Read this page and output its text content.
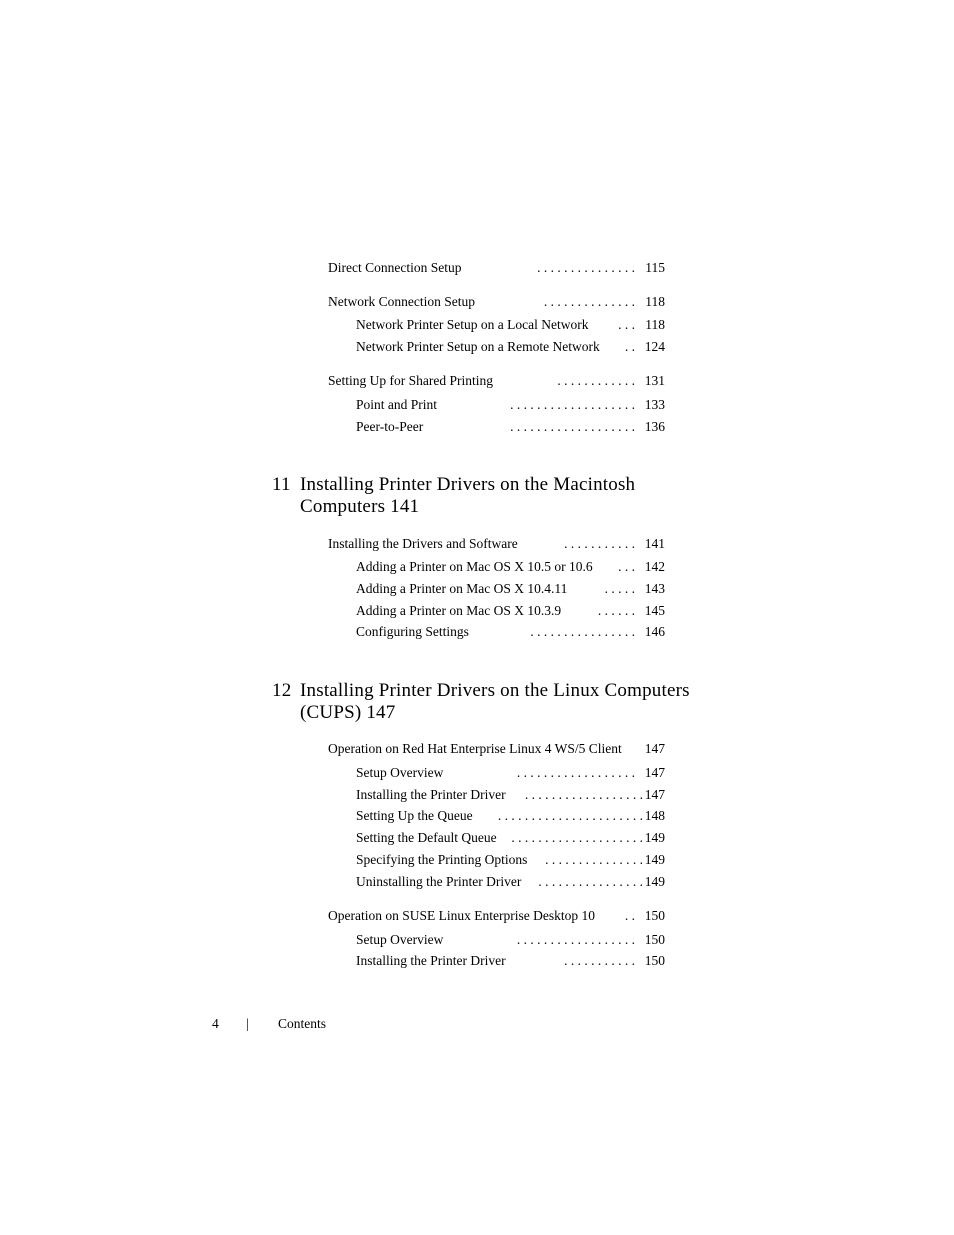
Direct Connection Setup	. . . . . . . . . . . . . . . 115
Network Connection Setup	. . . . . . . . . . . . . . 118
Network Printer Setup on a Local Network	. . . 118
Network Printer Setup on a Remote Network	. . 124
Setting Up for Shared Printing	. . . . . . . . . . . . 131
Point and Print	. . . . . . . . . . . . . . . . . . . 133
Peer-to-Peer	. . . . . . . . . . . . . . . . . . . 136
11 Installing Printer Drivers on the Macintosh
Computers 141
Installing the Drivers and Software	. . . . . . . . . . . 141
Adding a Printer on Mac OS X 10.5 or 10.6	. . . 142
Adding a Printer on Mac OS X 10.4.11	. . . . . 143
Adding a Printer on Mac OS X 10.3.9	. . . . . . 145
Configuring Settings	. . . . . . . . . . . . . . . . 146
12 Installing Printer Drivers on the Linux Computers
(CUPS) 147
Operation on Red Hat Enterprise Linux 4 WS/5 Client 147
Setup Overview	. . . . . . . . . . . . . . . . . . 147
Installing the Printer Driver	. . . . . . . . . . . . . . . . . . 147
Setting Up the Queue	. . . . . . . . . . . . . . . . . . . . . . 148
Setting the Default Queue	. . . . . . . . . . . . . . . . . . . . 149
Specifying the Printing Options	. . . . . . . . . . . . . . . 149
Uninstalling the Printer Driver	. . . . . . . . . . . . . . . . 149
Operation on SUSE Linux Enterprise Desktop 10	. . 150
Setup Overview	. . . . . . . . . . . . . . . . . . 150
Installing the Printer Driver	. . . . . . . . . . . 150
4 | Contents
